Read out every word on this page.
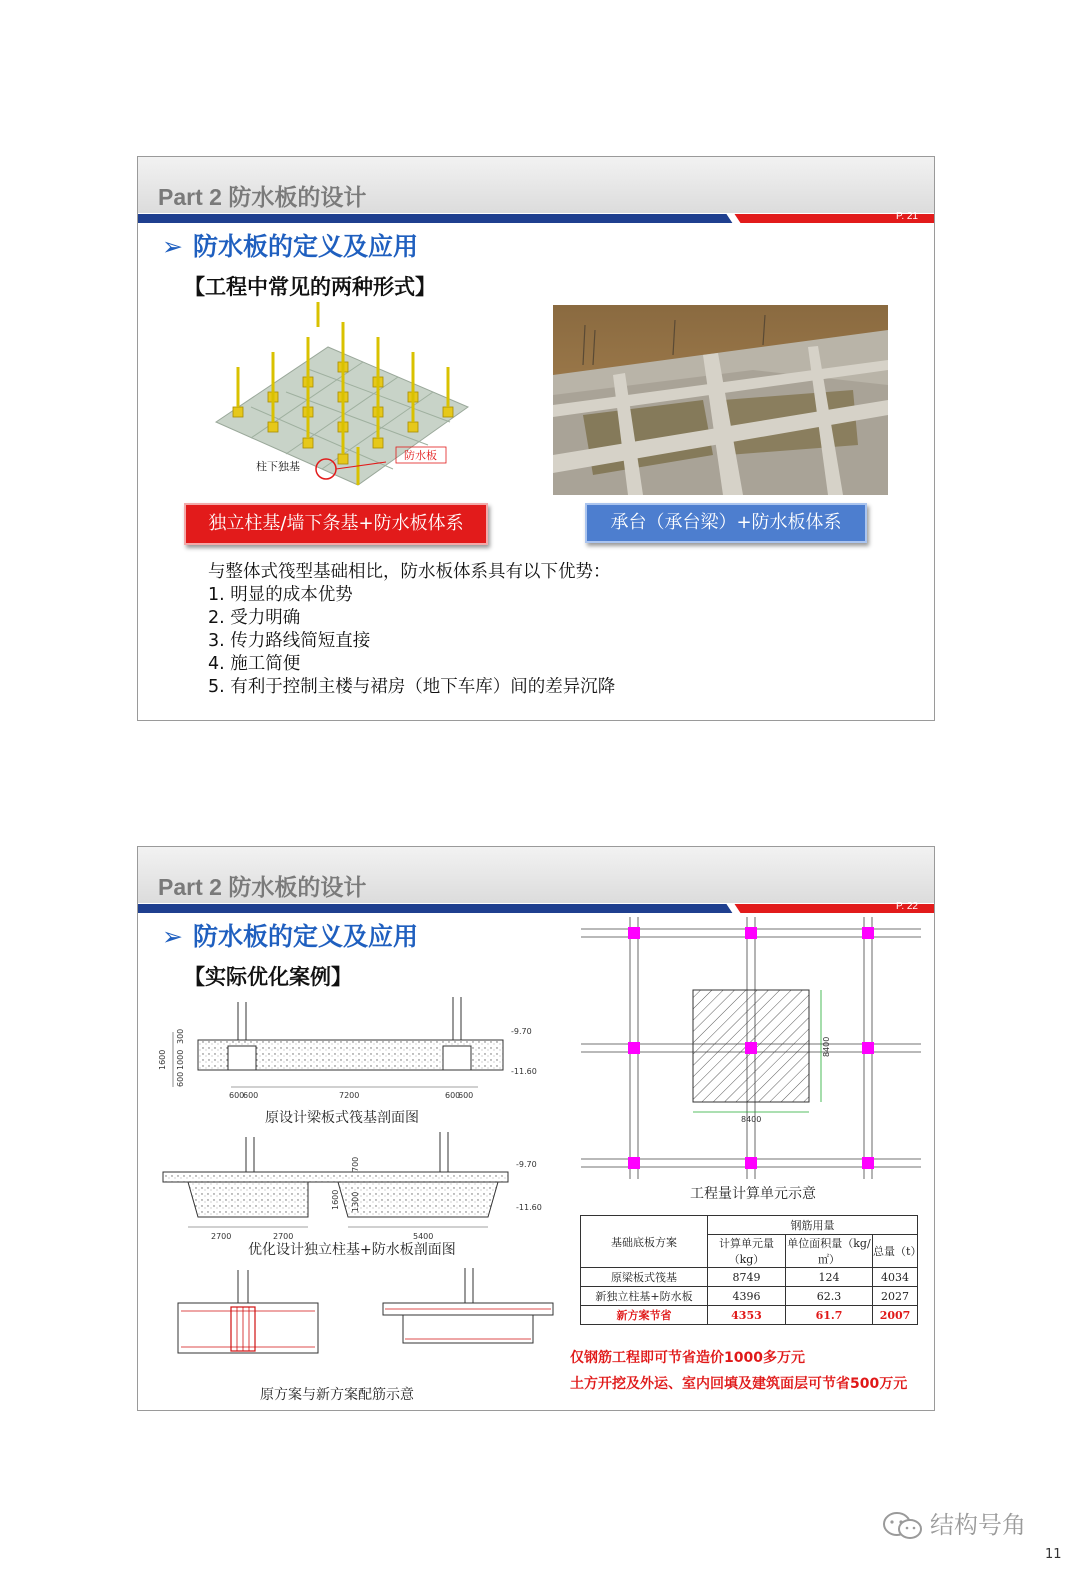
Part 2 防水板的设计
P. 21
➢ 防水板的定义及应用
【工程中常见的两种形式】
柱下独基
防水板
独立柱基/墙下条基+防水板体系	承台（承台梁）+防水板体系
与整体式筏型基础相比，防水板体系具有以下优势：
1. 明显的成本优势
2. 受力明确
3. 传力路线简短直接
4. 施工简便
5. 有利于控制主楼与裙房（地下车库）间的差异沉降
Part 2 防水板的设计
P. 22
➢ 防水板的定义及应用
【实际优化案例】
-9.70
-11.60
600
600	7200	600
600
300
1000
600
1600
原设计梁板式筏基剖面图
-9.70
-11.60
2700	2700	5400
700
1300
1600
优化设计独立柱基+防水板剖面图
原方案与新方案配筋示意
8400
8400
工程量计算单元示意
基础底板方案	钢筋用量		
	计算单元量（kg）	单位面积量（kg/㎡）	总量（t）
原梁板式筏基	8749	124	4034
新独立柱基+防水板	4396	62.3	2027
新方案节省	4353	61.7	2007
仅钢筋工程即可节省造价1000多万元
土方开挖及外运、室内回填及建筑面层可节省500万元
结构号角
11
